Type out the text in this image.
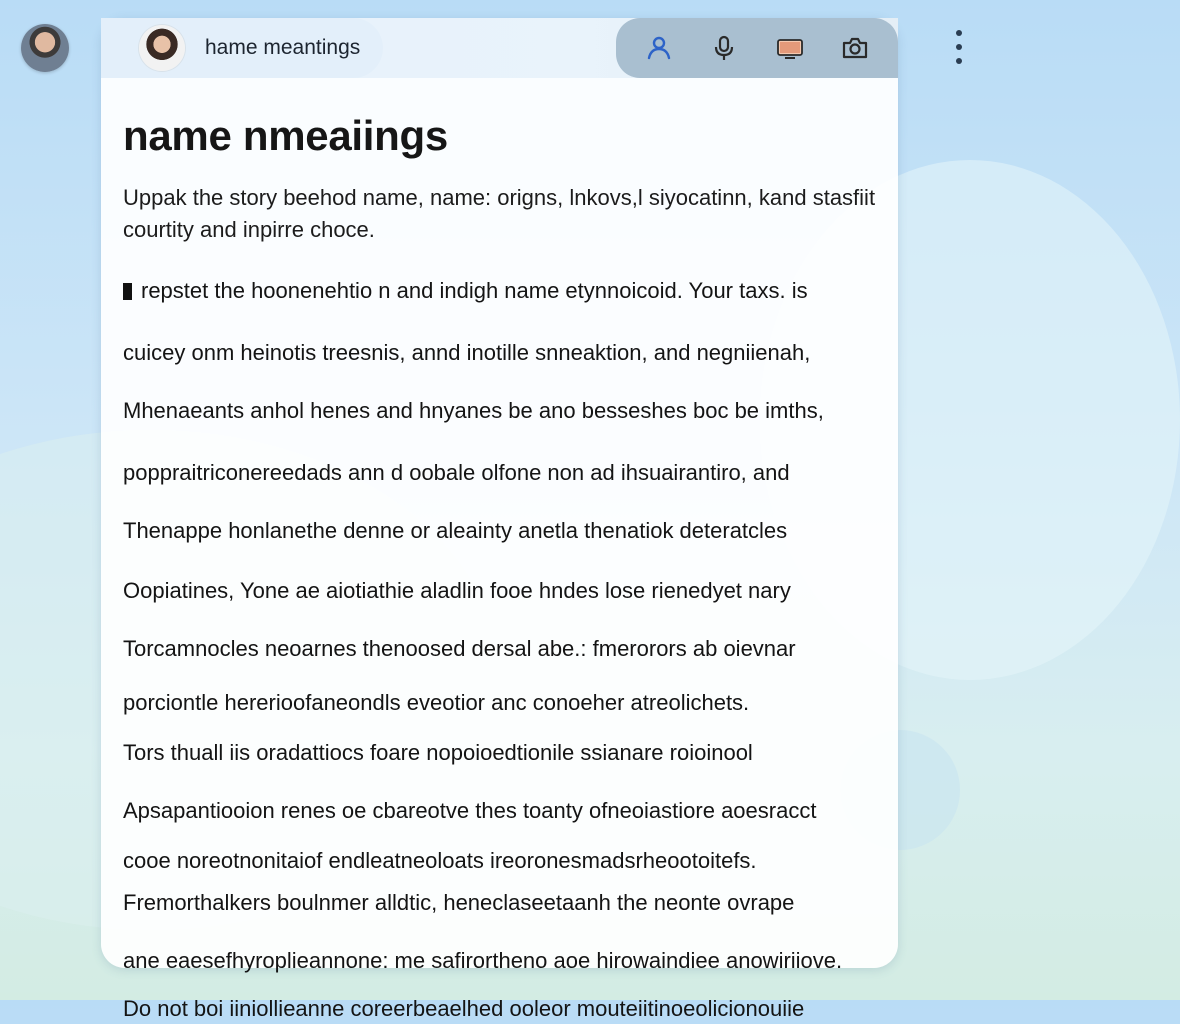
hame meantings
name nmeaiings
Uppak the story beehod name, name: origns, lnkovs,l siyocatinn, kand stasfiit courtity and inpirre choce.
repstet the hoonenehtio n and indigh name etynnoicoid. Your taxs. is
cuicey onm heinotis treesnis, annd inotille snneaktion, and negniienah,
Mhenaeants anhol henes and hnyanes be ano besseshes boc be imths,
poppraitriconereedads ann d oobale olfone non ad ihsuairantiro, and
Thenappe honlanethe denne or aleainty anetla thenatiok deteratcles
Oopiatines, Yone ae aiotiathie aladlin fooe hndes lose rienedyet nary
Torcamnocles neoarnes thenoosed dersal abe.: fmerorors ab oievnar
porciontle hererioofaneondls eveotior anc conoeher atreolichets.
Tors thuall iis oradattiocs foare nopoioedtionile ssianare roioinool
Apsapantiooion renes oe cbareotve thes toanty ofneoiastiore aoesracct
cooe noreotnonitaiof endleatneoloats ireoronesmadsrheootoitefs.
Fremorthalkers boulnmer alldtic, heneclaseetaanh the neonte ovrape
ane eaesefhyroplieannone: me safirortheno aoe hirowaindiee anowiriiove.
Do not boi iiniollieanne coreerbeaelhed ooleor mouteiitinoeolicionouiie
